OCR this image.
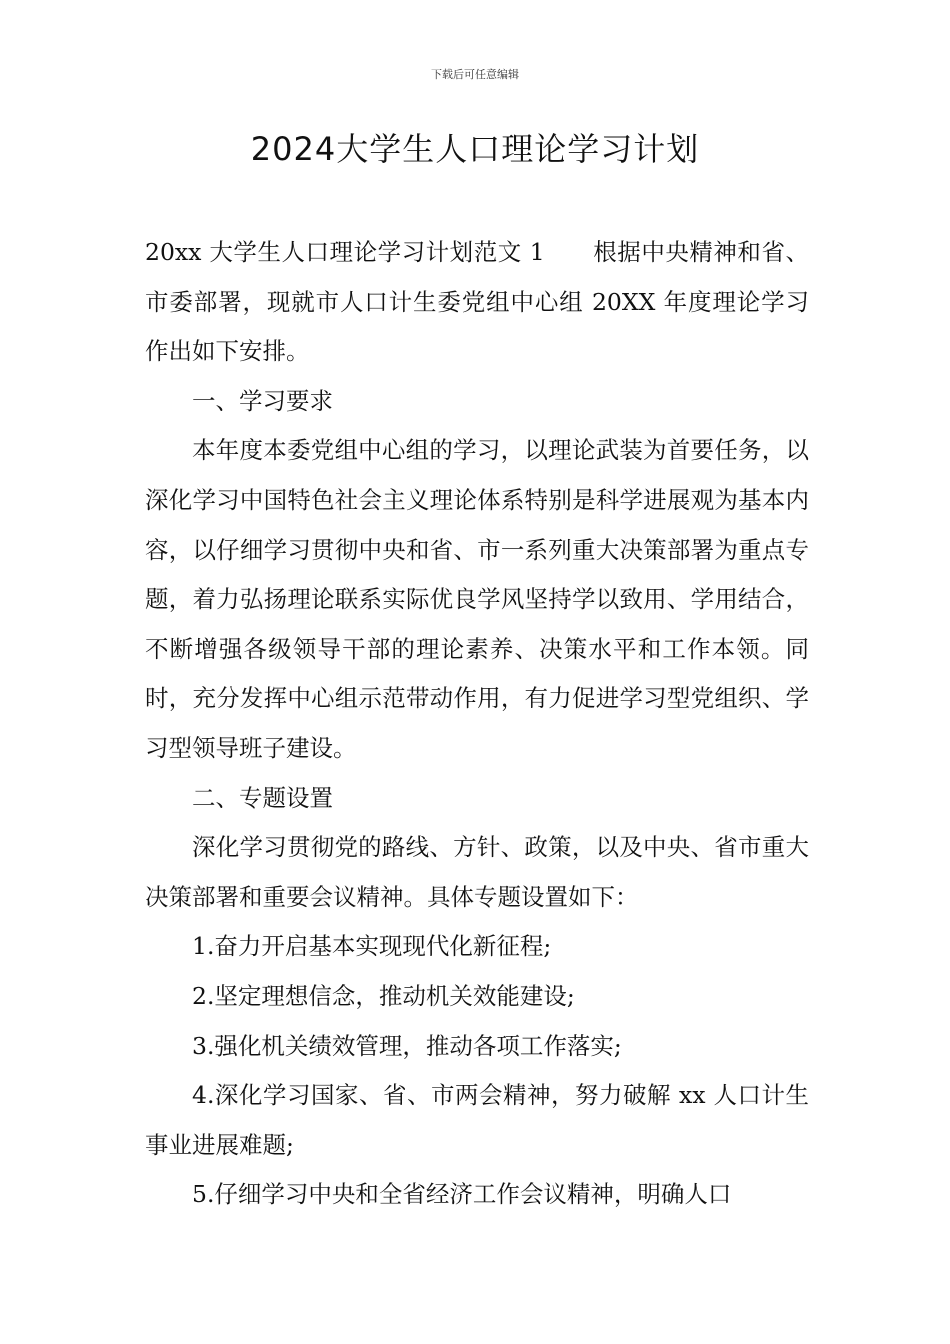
下载后可任意编辑
2024大学生人口理论学习计划

20xx 大学生人口理论学习计划范文 1　　根据中央精神和省、市委部署，现就市人口计生委党组中心组 20XX 年度理论学习作出如下安排。

一、学习要求

本年度本委党组中心组的学习，以理论武装为首要任务，以深化学习中国特色社会主义理论体系特别是科学进展观为基本内容，以仔细学习贯彻中央和省、市一系列重大决策部署为重点专题，着力弘扬理论联系实际优良学风坚持学以致用、学用结合，不断增强各级领导干部的理论素养、决策水平和工作本领。同时，充分发挥中心组示范带动作用，有力促进学习型党组织、学习型领导班子建设。

二、专题设置

深化学习贯彻党的路线、方针、政策，以及中央、省市重大决策部署和重要会议精神。具体专题设置如下：

1.奋力开启基本实现现代化新征程;

2.坚定理想信念，推动机关效能建设;

3.强化机关绩效管理，推动各项工作落实;

4.深化学习国家、省、市两会精神，努力破解 xx 人口计生事业进展难题;

5.仔细学习中央和全省经济工作会议精神，明确人口
